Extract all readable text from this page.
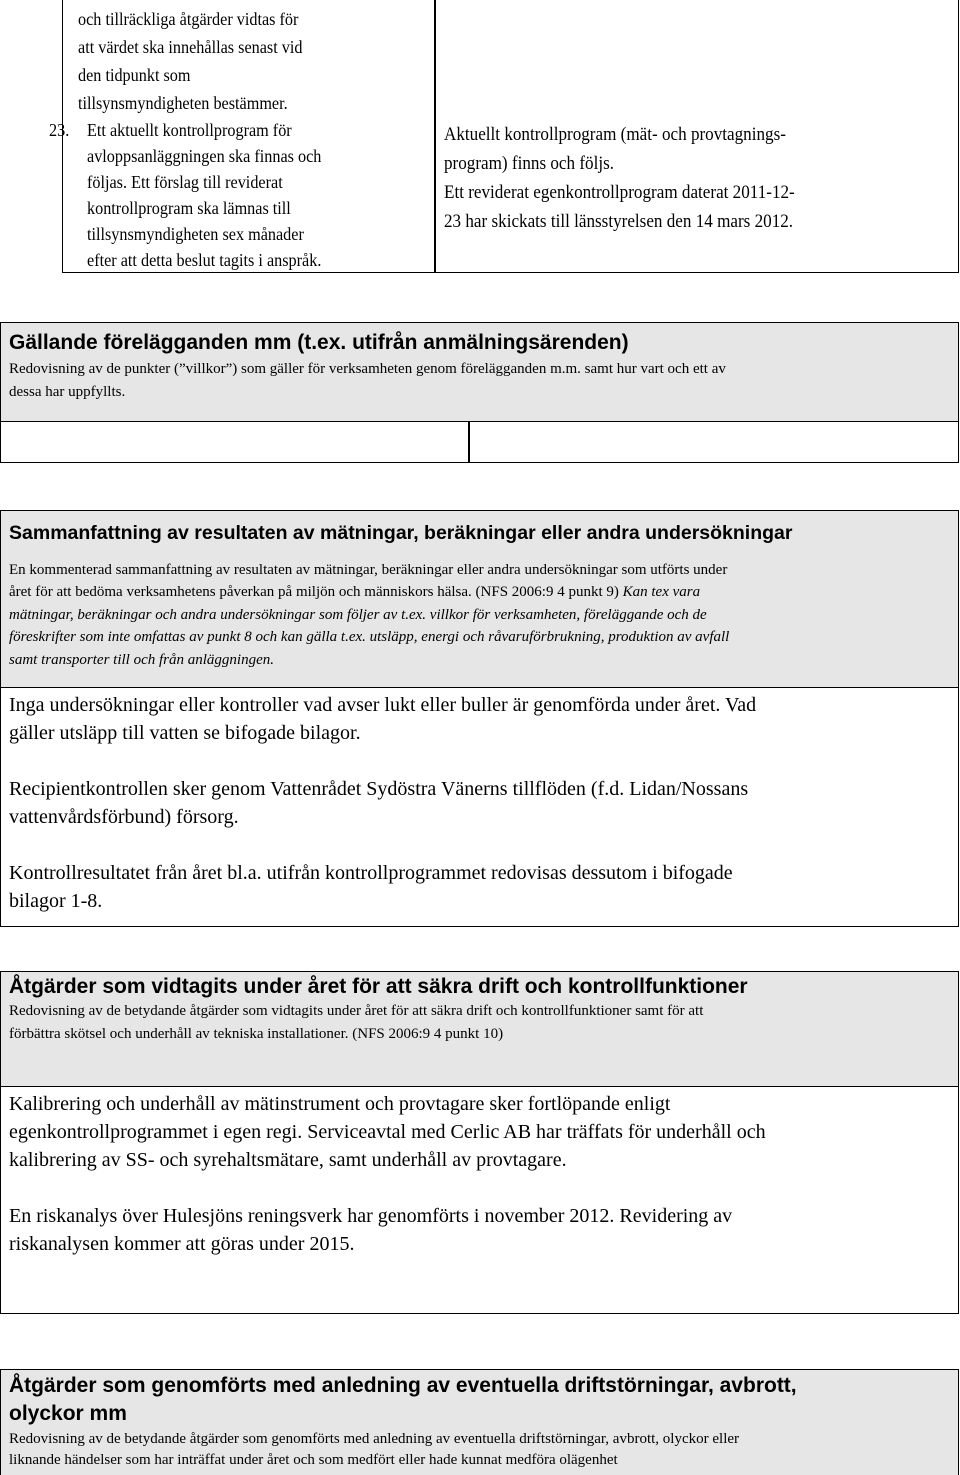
och tillräckliga åtgärder vidtas för
att värdet ska innehållas senast vid
den tidpunkt som
tillsynsmyndigheten bestämmer.
23. Ett aktuellt kontrollprogram för
avloppsanläggningen ska finnas och
följas. Ett förslag till reviderat
kontrollprogram ska lämnas till
tillsynsmyndigheten sex månader
efter att detta beslut tagits i anspråk.
Aktuellt kontrollprogram (mät- och provtagnings-
program) finns och följs.
Ett reviderat egenkontrollprogram daterat 2011-12-
23 har skickats till länsstyrelsen den 14 mars 2012.
Gällande förelägganden mm (t.ex. utifrån anmälningsärenden)
Redovisning av de punkter (”villkor”) som gäller för verksamheten genom förelägganden m.m. samt hur vart och ett av
dessa har uppfyllts.
Sammanfattning av resultaten av mätningar, beräkningar eller andra undersökningar
En kommenterad sammanfattning av resultaten av mätningar, beräkningar eller andra undersökningar som utförts under
året för att bedöma verksamhetens påverkan på miljön och människors hälsa. (NFS 2006:9 4 punkt 9) Kan tex vara
mätningar, beräkningar och andra undersökningar som följer av t.ex. villkor för verksamheten, föreläggande och de
föreskrifter som inte omfattas av punkt 8 och kan gälla t.ex. utsläpp, energi och råvaruförbrukning, produktion av avfall
samt transporter till och från anläggningen.

Inga undersökningar eller kontroller vad avser lukt eller buller är genomförda under året. Vad
gäller utsläpp till vatten se bifogade bilagor.

Recipientkontrollen sker genom Vattenrådet Sydöstra Vänerns tillflöden (f.d. Lidan/Nossans
vattenvårdsförbund) försorg.

Kontrollresultatet från året bl.a. utifrån kontrollprogrammet redovisas dessutom i bifogade
bilagor 1-8.

Åtgärder som vidtagits under året för att säkra drift och kontrollfunktioner
Redovisning av de betydande åtgärder som vidtagits under året för att säkra drift och kontrollfunktioner samt för att
förbättra skötsel och underhåll av tekniska installationer. (NFS 2006:9 4 punkt 10)

Kalibrering och underhåll av mätinstrument och provtagare sker fortlöpande enligt
egenkontrollprogrammet i egen regi. Serviceavtal med Cerlic AB har träffats för underhåll och
kalibrering av SS- och syrehaltsmätare, samt underhåll av provtagare.

En riskanalys över Hulesjöns reningsverk har genomförts i november 2012. Revidering av
riskanalysen kommer att göras under 2015.

Åtgärder som genomförts med anledning av eventuella driftstörningar, avbrott,
olyckor mm
Redovisning av de betydande åtgärder som genomförts med anledning av eventuella driftstörningar, avbrott, olyckor eller
liknande händelser som har inträffat under året och som medfört eller hade kunnat medföra olägenhet
